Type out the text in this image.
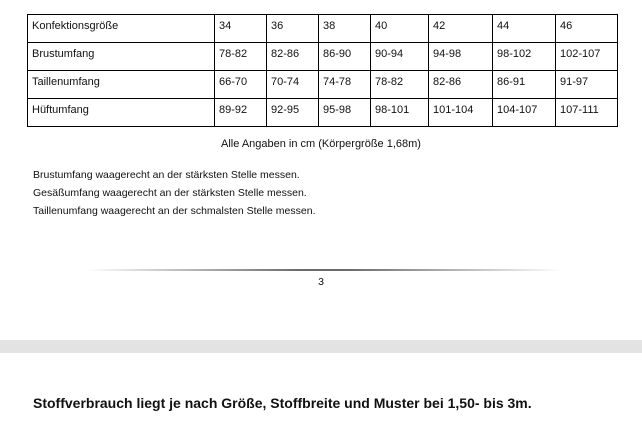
Konfektionsgröße	34	36	38	40	42	44	46
Brustumfang	78-82	82-86	86-90	90-94	94-98	98-102	102-107
Taillenumfang	66-70	70-74	74-78	78-82	82-86	86-91	91-97
Hüftumfang	89-92	92-95	95-98	98-101	101-104	104-107	107-111
Alle Angaben in cm (Körpergröße 1,68m)
Brustumfang waagerecht an der stärksten Stelle messen.
Gesäßumfang waagerecht an der stärksten Stelle messen.
Taillenumfang waagerecht an der schmalsten Stelle messen.
3
Stoffverbrauch liegt je nach Größe, Stoffbreite und Muster bei 1,50- bis 3m.
